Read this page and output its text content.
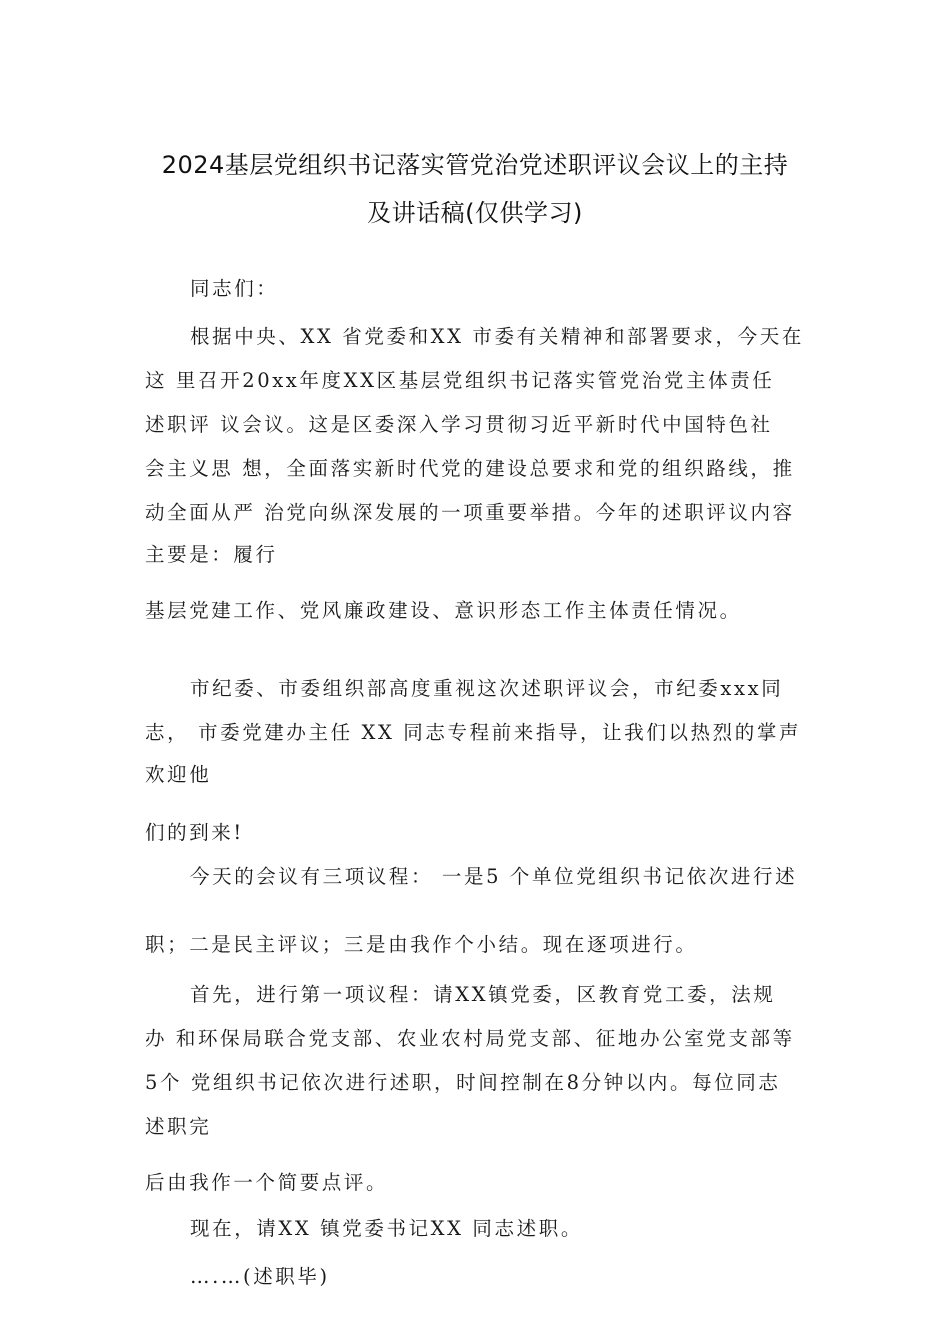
2024基层党组织书记落实管党治党述职评议会议上的主持
及讲话稿(仅供学习)
同志们：
根据中央、XX 省党委和XX 市委有关精神和部署要求，今天在
这 里召开20xx年度XX区基层党组织书记落实管党治党主体责任
述职评 议会议。这是区委深入学习贯彻习近平新时代中国特色社
会主义思 想，全面落实新时代党的建设总要求和党的组织路线，推
动全面从严 治党向纵深发展的一项重要举措。今年的述职评议内容
主要是：履行
基层党建工作、党风廉政建设、意识形态工作主体责任情况。
市纪委、市委组织部高度重视这次述职评议会，市纪委xxx同
志， 市委党建办主任 XX 同志专程前来指导，让我们以热烈的掌声
欢迎他
们的到来!
今天的会议有三项议程： 一是5 个单位党组织书记依次进行述
职；二是民主评议；三是由我作个小结。现在逐项进行。
首先，进行第一项议程：请XX镇党委，区教育党工委，法规
办 和环保局联合党支部、农业农村局党支部、征地办公室党支部等
5个 党组织书记依次进行述职，时间控制在8分钟以内。每位同志
述职完
后由我作一个简要点评。
现在，请XX 镇党委书记XX 同志述职。
….…(述职毕)
